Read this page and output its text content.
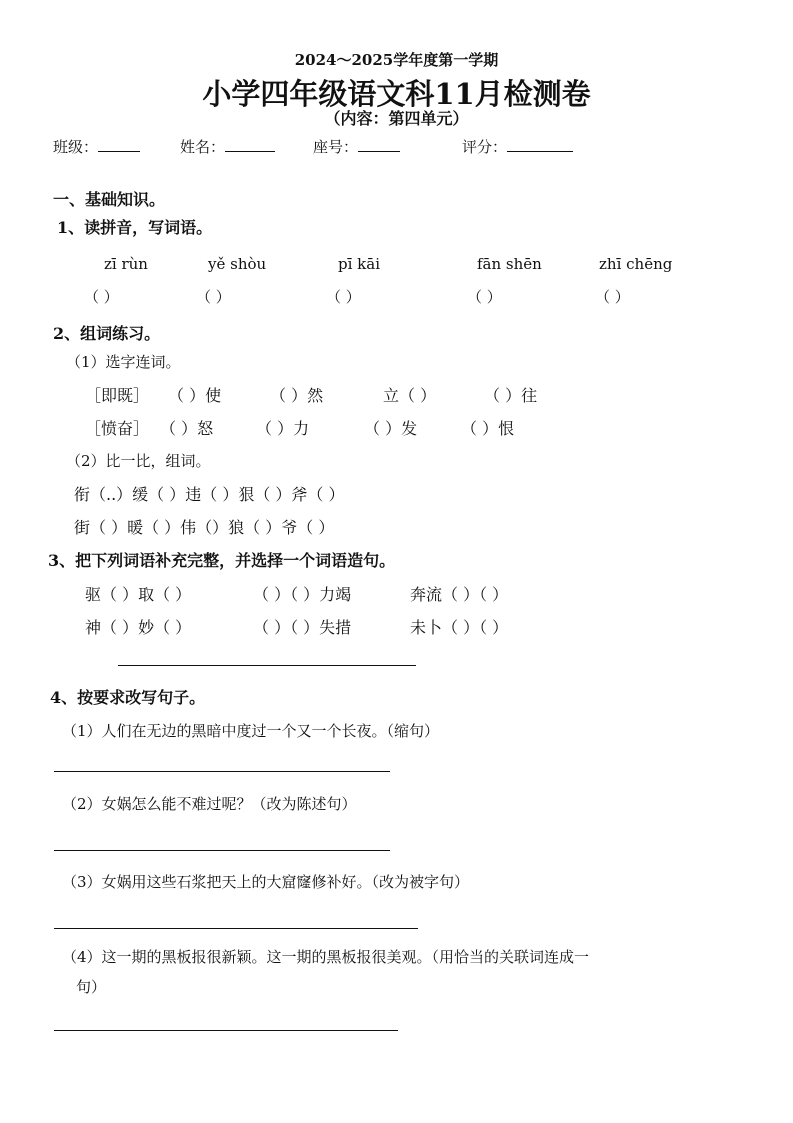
2024～2025学年度第一学期
小学四年级语文科11月检测卷
（内容：第四单元）
班级：	姓名：	座号：	评分：
一、基础知识。
1、读拼音，写词语。
zī rùn	yě shòu	pī kāi	fān shēn	zhī chēng
（ ）	（ ）	（ ）	（ ）	（ ）
2、组词练习。
（1）选字连词。
［即既］ （ ）使	（ ）然	立（ ）	（ ）往
［愤奋］ （ ）怒	（ ）力	（ ）发	（ ）恨
（2）比一比，组词。
衔（..）缓（ ）违（ ）狠（ ）斧（ ）
街（ ）暖（ ）伟（）狼（ ）爷（ ）
3、把下列词语补充完整，并选择一个词语造句。
驱（ ）取（ ）	（ ）（ ）力竭	奔流（ ）（ ）
神（ ）妙（ ）	（ ）（ ）失措	未卜（ ）（ ）
4、按要求改写句子。
（1）人们在无边的黑暗中度过一个又一个长夜。（缩句）
（2）女娲怎么能不难过呢？（改为陈述句）
（3）女娲用这些石浆把天上的大窟窿修补好。（改为被字句）
（4）这一期的黑板报很新颖。这一期的黑板报很美观。（用恰当的关联词连成一
句）
